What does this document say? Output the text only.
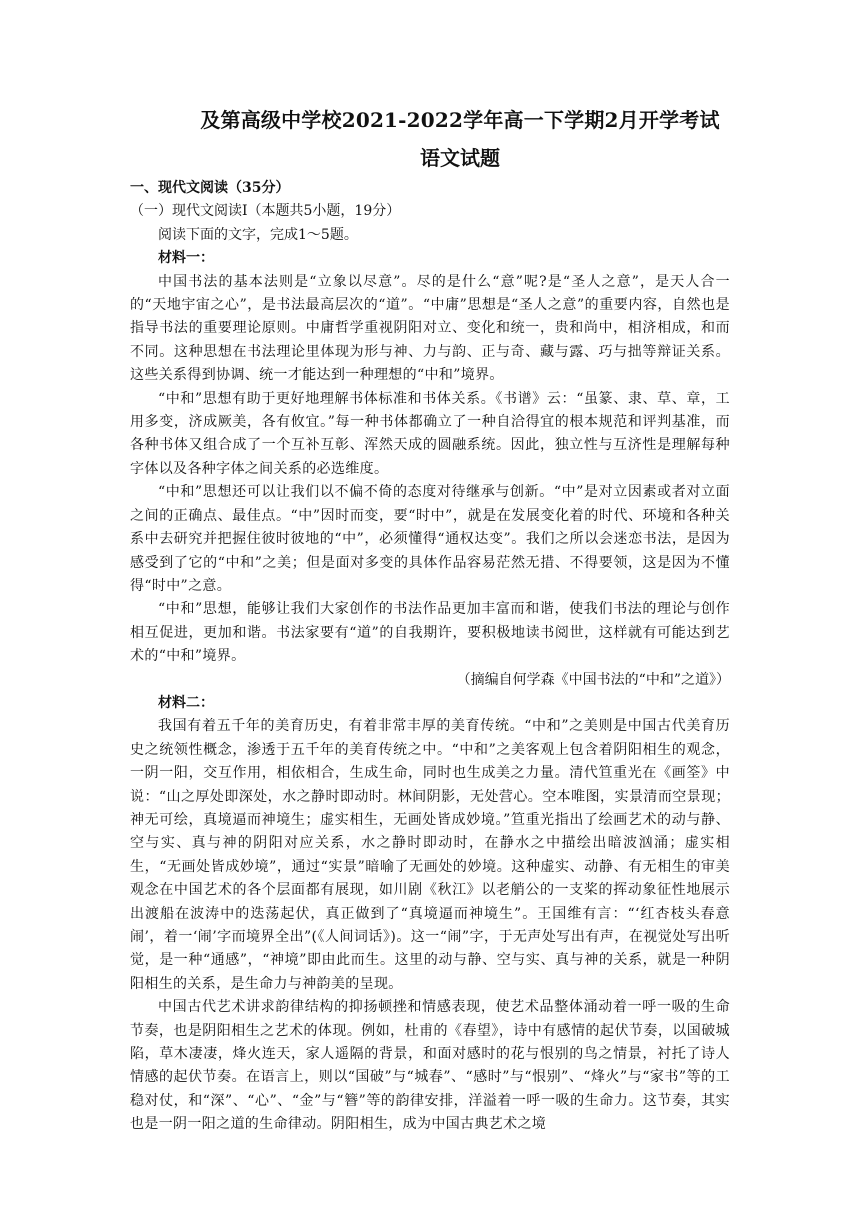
及第高级中学校2021-2022学年高一下学期2月开学考试
语文试题

一、现代文阅读（35分）

（一）现代文阅读Ⅰ（本题共5小题，19分）

阅读下面的文字，完成1～5题。

材料一：

中国书法的基本法则是“立象以尽意”。尽的是什么“意”呢?是“圣人之意”，是天人合一的“天地宇宙之心”，是书法最高层次的“道”。“中庸”思想是“圣人之意”的重要内容，自然也是指导书法的重要理论原则。中庸哲学重视阴阳对立、变化和统一，贵和尚中，相济相成，和而不同。这种思想在书法理论里体现为形与神、力与韵、正与奇、藏与露、巧与拙等辩证关系。这些关系得到协调、统一才能达到一种理想的“中和”境界。

“中和”思想有助于更好地理解书体标准和书体关系。《书谱》云：“虽篆、隶、草、章，工用多变，济成厥美，各有攸宜。”每一种书体都确立了一种自洽得宜的根本规范和评判基准，而各种书体又组合成了一个互补互彰、浑然天成的圆融系统。因此，独立性与互济性是理解每种字体以及各种字体之间关系的必选维度。

“中和”思想还可以让我们以不偏不倚的态度对待继承与创新。“中”是对立因素或者对立面之间的正确点、最佳点。“中”因时而变，要“时中”，就是在发展变化着的时代、环境和各种关系中去研究并把握住彼时彼地的“中”，必须懂得“通权达变”。我们之所以会迷恋书法，是因为感受到了它的“中和”之美；但是面对多变的具体作品容易茫然无措、不得要领，这是因为不懂得“时中”之意。

“中和”思想，能够让我们大家创作的书法作品更加丰富而和谐，使我们书法的理论与创作相互促进，更加和谐。书法家要有“道”的自我期许，要积极地读书阅世，这样就有可能达到艺术的“中和”境界。

（摘编自何学森《中国书法的“中和”之道》）

材料二：

我国有着五千年的美育历史，有着非常丰厚的美育传统。“中和”之美则是中国古代美育历史之统领性概念，渗透于五千年的美育传统之中。“中和”之美客观上包含着阴阳相生的观念，一阴一阳，交互作用，相依相合，生成生命，同时也生成美之力量。清代笪重光在《画筌》中说：“山之厚处即深处，水之静时即动时。林间阴影，无处营心。空本唯图，实景清而空景现；神无可绘，真境逼而神境生；虚实相生，无画处皆成妙境。”笪重光指出了绘画艺术的动与静、空与实、真与神的阴阳对应关系，水之静时即动时，在静水之中描绘出暗波汹涌；虚实相生，“无画处皆成妙境”，通过“实景”暗喻了无画处的妙境。这种虚实、动静、有无相生的审美观念在中国艺术的各个层面都有展现，如川剧《秋江》以老艄公的一支桨的挥动象征性地展示出渡船在波涛中的迭荡起伏，真正做到了“真境逼而神境生”。王国维有言：“‘红杏枝头春意闹’，着一‘闹’字而境界全出”(《人间词话》)。这一“闹”字，于无声处写出有声，在视觉处写出听觉，是一种“通感”，“神境”即由此而生。这里的动与静、空与实、真与神的关系，就是一种阴阳相生的关系，是生命力与神韵美的呈现。

中国古代艺术讲求韵律结构的抑扬顿挫和情感表现，使艺术品整体涌动着一呼一吸的生命节奏，也是阴阳相生之艺术的体现。例如，杜甫的《春望》，诗中有感情的起伏节奏，以国破城陷，草木凄凄，烽火连天，家人遥隔的背景，和面对感时的花与恨别的鸟之情景，衬托了诗人情感的起伏节奏。在语言上，则以“国破”与“城春”、“感时”与“恨别”、“烽火”与“家书”等的工稳对仗，和“深”、“心”、“金”与“簪”等的韵律安排，洋溢着一呼一吸的生命力。这节奏，其实也是一阴一阳之道的生命律动。阴阳相生，成为中国古典艺术之境
